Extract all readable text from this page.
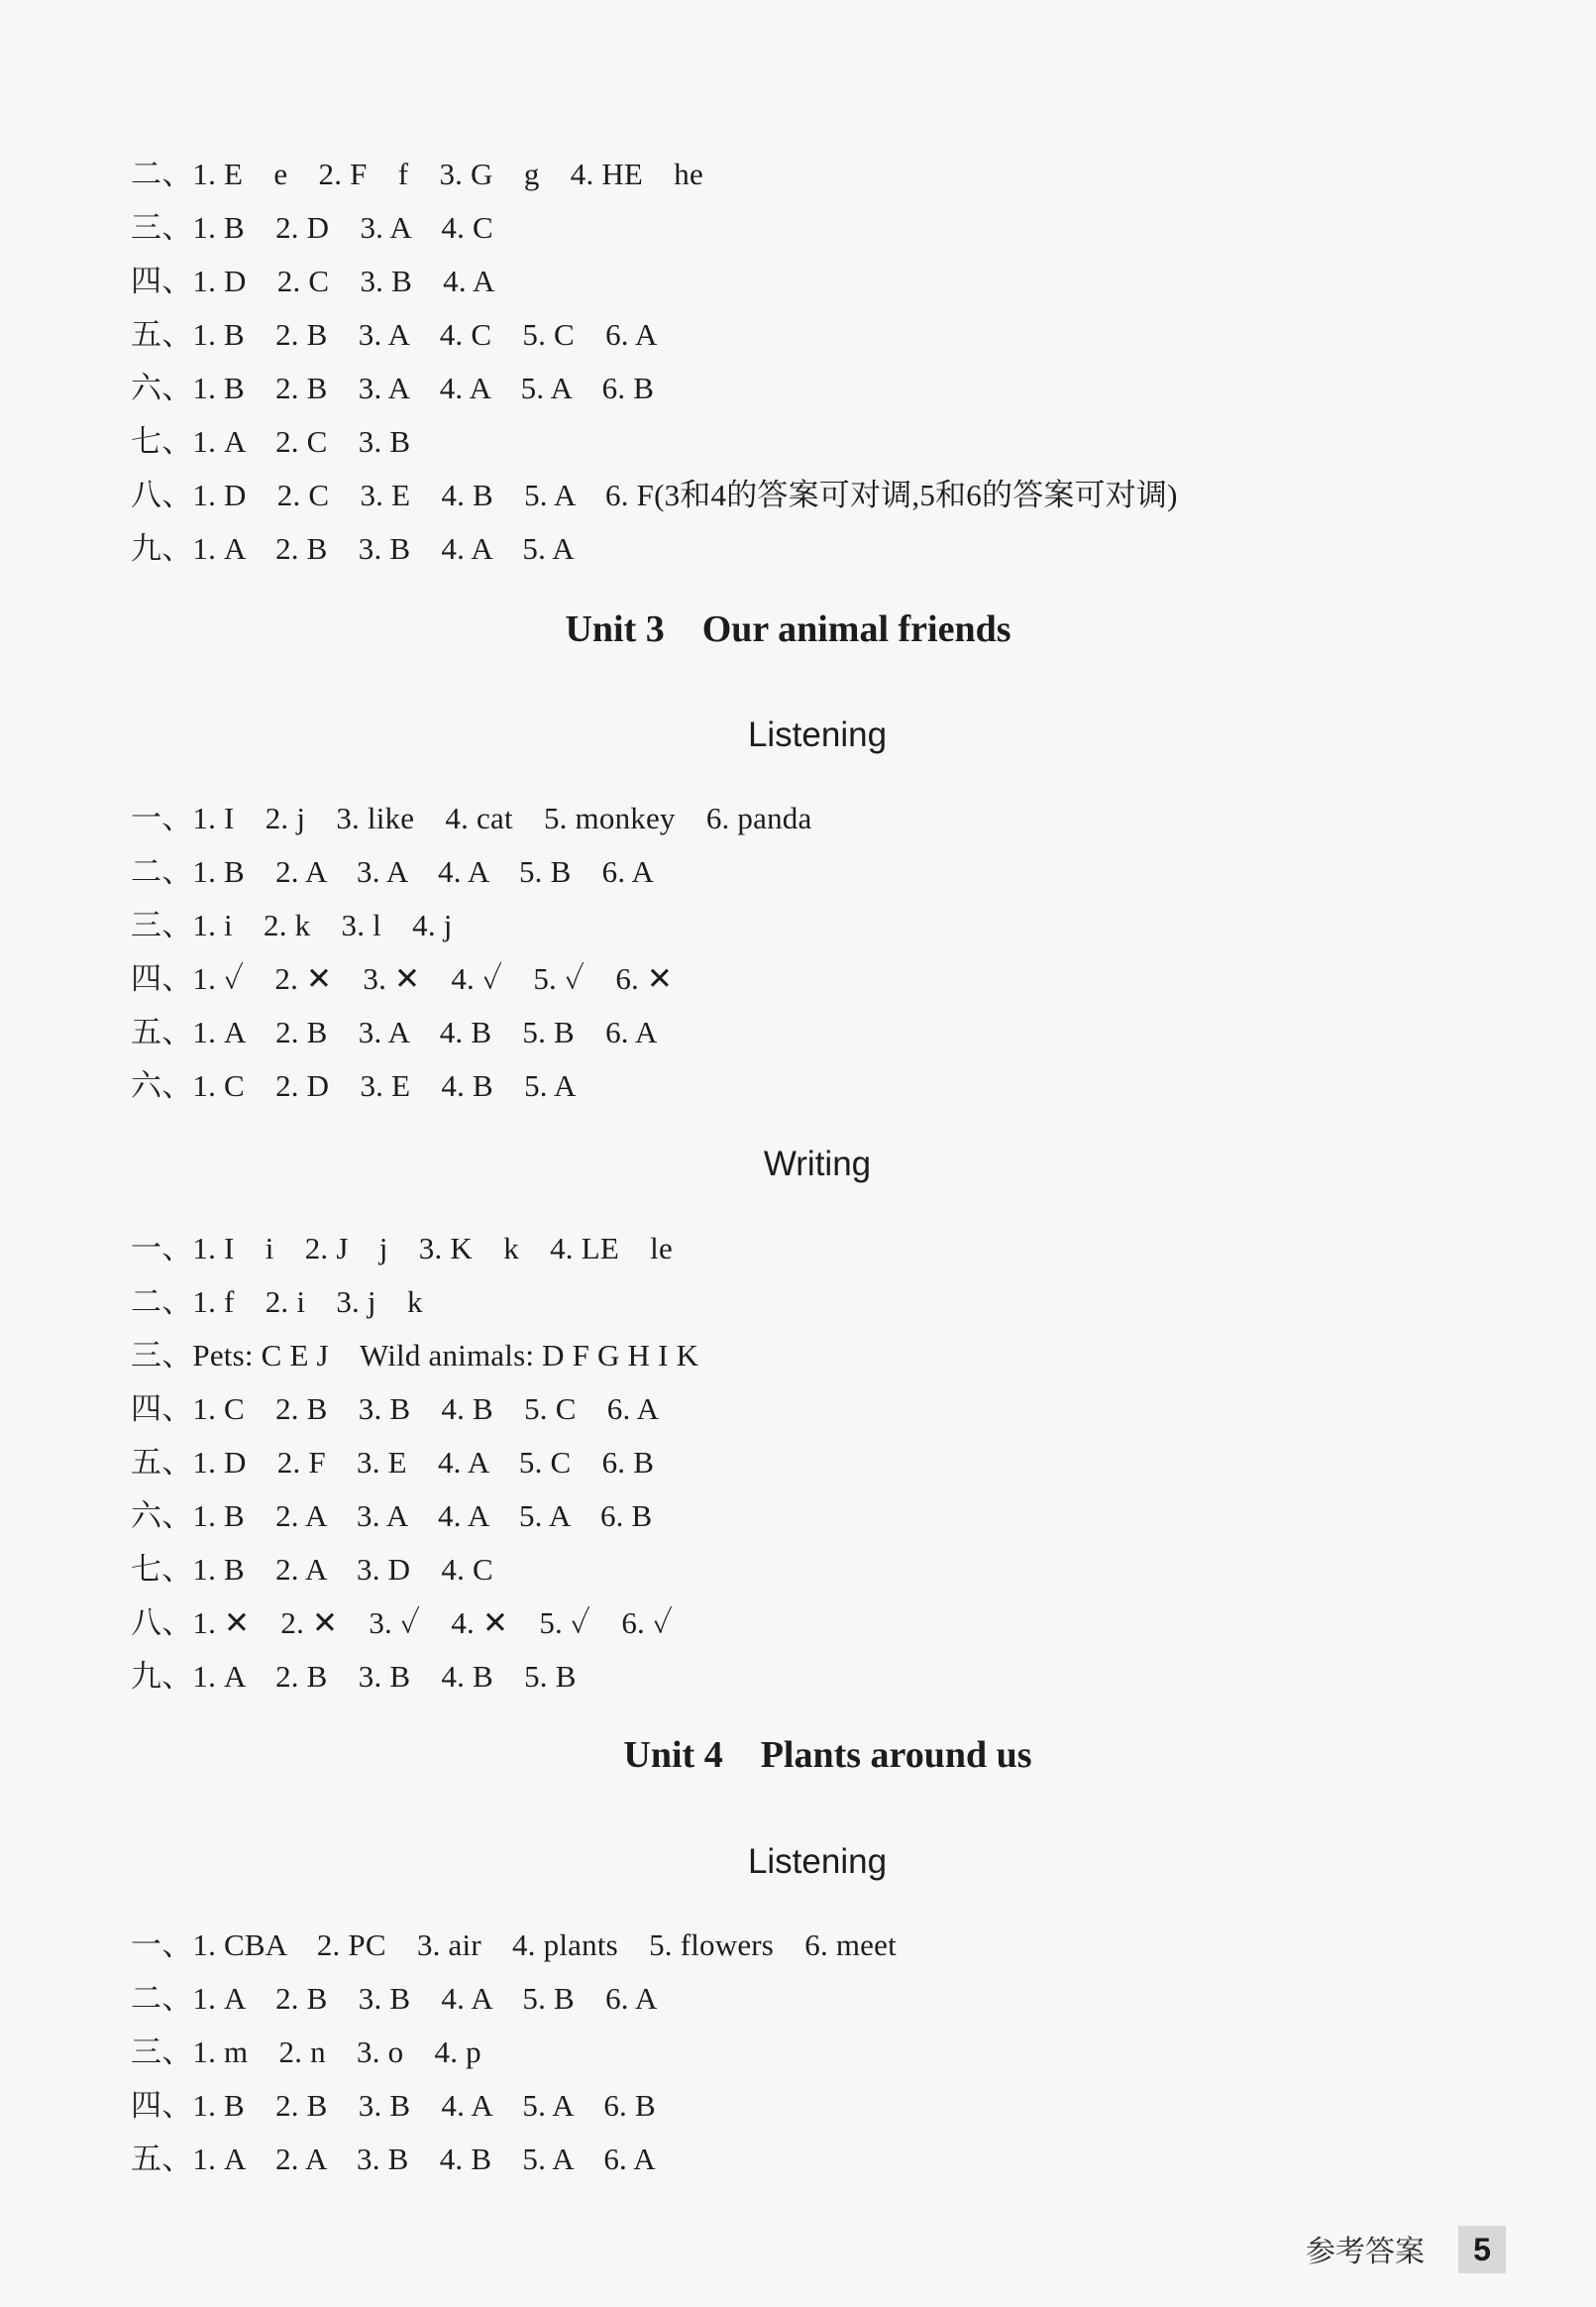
二、1. E　e　2. F　f　3. G　g　4. HE　he
三、1. B　2. D　3. A　4. C
四、1. D　2. C　3. B　4. A
五、1. B　2. B　3. A　4. C　5. C　6. A
六、1. B　2. B　3. A　4. A　5. A　6. B
七、1. A　2. C　3. B
八、1. D　2. C　3. E　4. B　5. A　6. F(3和4的答案可对调,5和6的答案可对调)
九、1. A　2. B　3. B　4. A　5. A
Unit 3　Our animal friends
Listening
一、1. I　2. j　3. like　4. cat　5. monkey　6. panda
二、1. B　2. A　3. A　4. A　5. B　6. A
三、1. i　2. k　3. l　4. j
四、1. ✓　2. ✕　3. ✕　4. ✓　5. ✓　6. ✕
五、1. A　2. B　3. A　4. B　5. B　6. A
六、1. C　2. D　3. E　4. B　5. A
Writing
一、1. I　i　2. J　j　3. K　k　4. LE　le
二、1. f　2. i　3. j　k
三、Pets: C E J　Wild animals: D F G H I K
四、1. C　2. B　3. B　4. B　5. C　6. A
五、1. D　2. F　3. E　4. A　5. C　6. B
六、1. B　2. A　3. A　4. A　5. A　6. B
七、1. B　2. A　3. D　4. C
八、1. ✕　2. ✕　3. ✓　4. ✕　5. ✓　6. ✓
九、1. A　2. B　3. B　4. B　5. B
Unit 4　Plants around us
Listening
一、1. CBA　2. PC　3. air　4. plants　5. flowers　6. meet
二、1. A　2. B　3. B　4. A　5. B　6. A
三、1. m　2. n　3. o　4. p
四、1. B　2. B　3. B　4. A　5. A　6. B
五、1. A　2. A　3. B　4. B　5. A　6. A
参考答案	5
